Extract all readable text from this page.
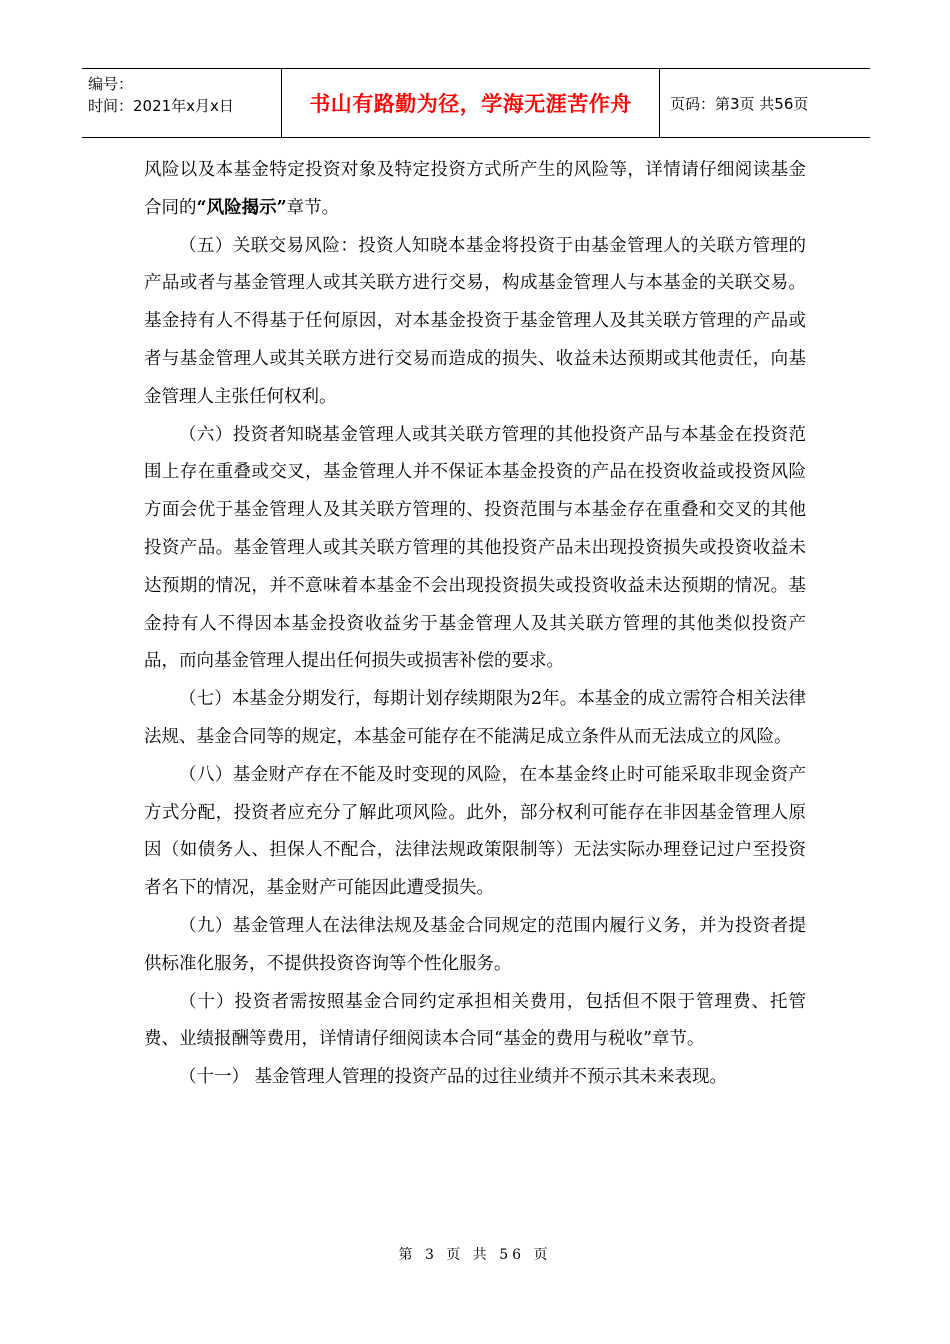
编号：
时间：2021年x月x日	书山有路勤为径，学海无涯苦作舟	页码：第3页 共56页

风险以及本基金特定投资对象及特定投资方式所产生的风险等，详情请仔细阅读基金合同的“风险揭示”章节。

（五）关联交易风险：投资人知晓本基金将投资于由基金管理人的关联方管理的产品或者与基金管理人或其关联方进行交易，构成基金管理人与本基金的关联交易。基金持有人不得基于任何原因，对本基金投资于基金管理人及其关联方管理的产品或者与基金管理人或其关联方进行交易而造成的损失、收益未达预期或其他责任，向基金管理人主张任何权利。

（六）投资者知晓基金管理人或其关联方管理的其他投资产品与本基金在投资范围上存在重叠或交叉，基金管理人并不保证本基金投资的产品在投资收益或投资风险方面会优于基金管理人及其关联方管理的、投资范围与本基金存在重叠和交叉的其他投资产品。基金管理人或其关联方管理的其他投资产品未出现投资损失或投资收益未达预期的情况，并不意味着本基金不会出现投资损失或投资收益未达预期的情况。基金持有人不得因本基金投资收益劣于基金管理人及其关联方管理的其他类似投资产品，而向基金管理人提出任何损失或损害补偿的要求。

（七）本基金分期发行，每期计划存续期限为2年。本基金的成立需符合相关法律法规、基金合同等的规定，本基金可能存在不能满足成立条件从而无法成立的风险。

（八）基金财产存在不能及时变现的风险，在本基金终止时可能采取非现金资产方式分配，投资者应充分了解此项风险。此外，部分权利可能存在非因基金管理人原因（如债务人、担保人不配合，法律法规政策限制等）无法实际办理登记过户至投资者名下的情况，基金财产可能因此遭受损失。

（九）基金管理人在法律法规及基金合同规定的范围内履行义务，并为投资者提供标准化服务，不提供投资咨询等个性化服务。

（十）投资者需按照基金合同约定承担相关费用，包括但不限于管理费、托管费、业绩报酬等费用，详情请仔细阅读本合同“基金的费用与税收”章节。

（十一） 基金管理人管理的投资产品的过往业绩并不预示其未来表现。

第 3 页 共 56 页
